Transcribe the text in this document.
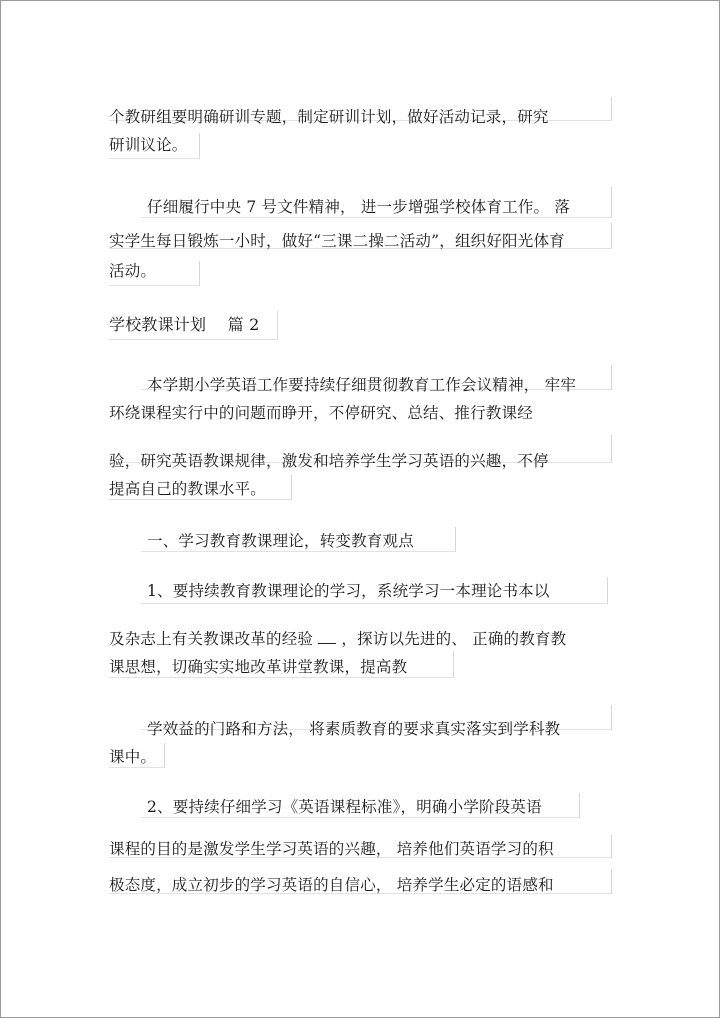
个教研组要明确研训专题，制定研训计划，做好活动记录，研究
研训议论。
仔细履行中央 7 号文件精神， 进一步增强学校体育工作。 落
实学生每日锻炼一小时，做好“三课二操二活动”，组织好阳光体育
活动。
学校教课计划　 篇 2
本学期小学英语工作要持续仔细贯彻教育工作会议精神， 牢牢
环绕课程实行中的问题而睁开，不停研究、总结、推行教课经
验，研究英语教课规律，激发和培养学生学习英语的兴趣，不停
提高自己的教课水平。
一、学习教育教课理论，转变教育观点
1、要持续教育教课理论的学习，系统学习一本理论书本以
及杂志上有关教课改革的经验 ，探访以先进的、 正确的教育教
课思想，切确实实地改革讲堂教课，提高教
学效益的门路和方法， 将素质教育的要求真实落实到学科教
课中。
2、要持续仔细学习《英语课程标准》，明确小学阶段英语
课程的目的是激发学生学习英语的兴趣， 培养他们英语学习的积
极态度，成立初步的学习英语的自信心， 培养学生必定的语感和
